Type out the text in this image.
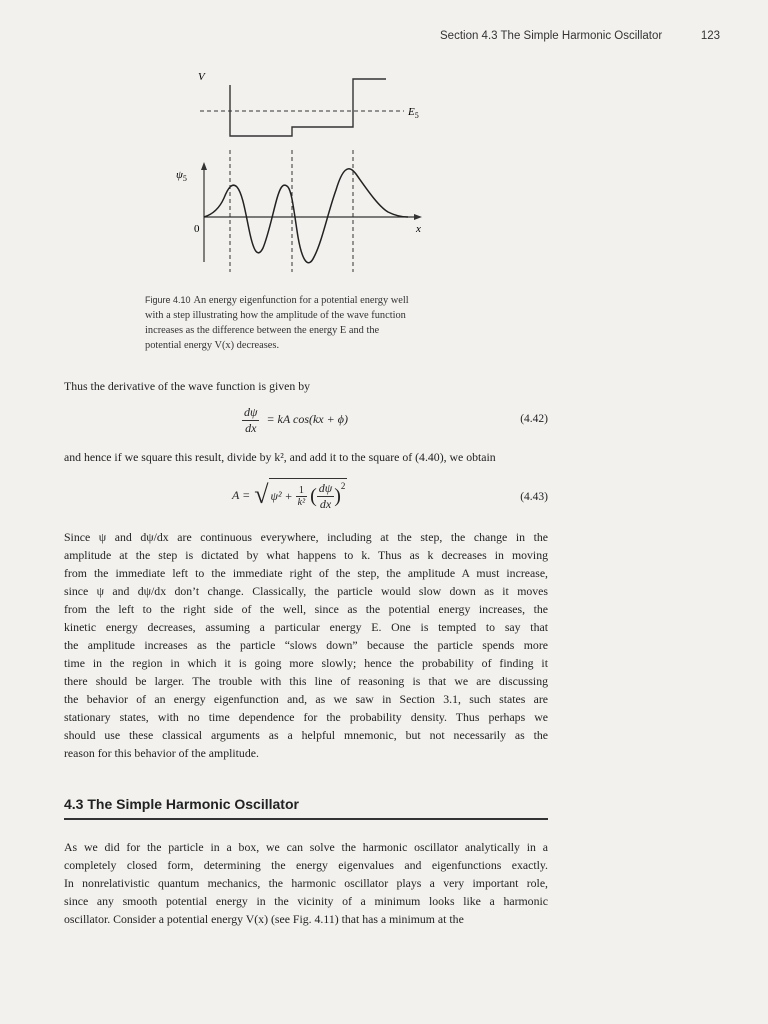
Section 4.3 The Simple Harmonic Oscillator	123
V
$E_5$
$\psi_5$
0	x
Figure 4.10 An energy eigenfunction for a potential energy well
with a step illustrating how the amplitude of the wave function
increases as the difference between the energy E and the
potential energy V(x) decreases.
Thus the derivative of the wave function is given by
$\frac{d\psi}{dx}$ = kA cos(kx + ϕ)	(4.42)
and hence if we square this result, divide by k², and add it to the square of (4.40), we obtain
A = √ $\psi^2 + \frac{1}{\text{k²}}$ ( $\frac{d\psi}{dx} )^2$
(4.43)
Since ψ and dψ/dx are continuous everywhere, including at the step, the change in the
amplitude at the step is dictated by what happens to k. Thus as k decreases in moving
from the immediate left to the immediate right of the step, the amplitude A must increase,
since ψ and dψ/dx don’t change. Classically, the particle would slow down as it moves
from the left to the right side of the well, since as the potential energy increases, the
kinetic energy decreases, assuming a particular energy E. One is tempted to say that
the amplitude increases as the particle “slows down” because the particle spends more
time in the region in which it is going more slowly; hence the probability of finding it
there should be larger. The trouble with this line of reasoning is that we are discussing
the behavior of an energy eigenfunction and, as we saw in Section 3.1, such states are
stationary states, with no time dependence for the probability density. Thus perhaps we
should use these classical arguments as a helpful mnemonic, but not necessarily as the
reason for this behavior of the amplitude.
4.3 The Simple Harmonic Oscillator
As we did for the particle in a box, we can solve the harmonic oscillator analytically in a
completely closed form, determining the energy eigenvalues and eigenfunctions exactly.
In nonrelativistic quantum mechanics, the harmonic oscillator plays a very important role,
since any smooth potential energy in the vicinity of a minimum looks like a harmonic
oscillator. Consider a potential energy V(x) (see Fig. 4.11) that has a minimum at the
